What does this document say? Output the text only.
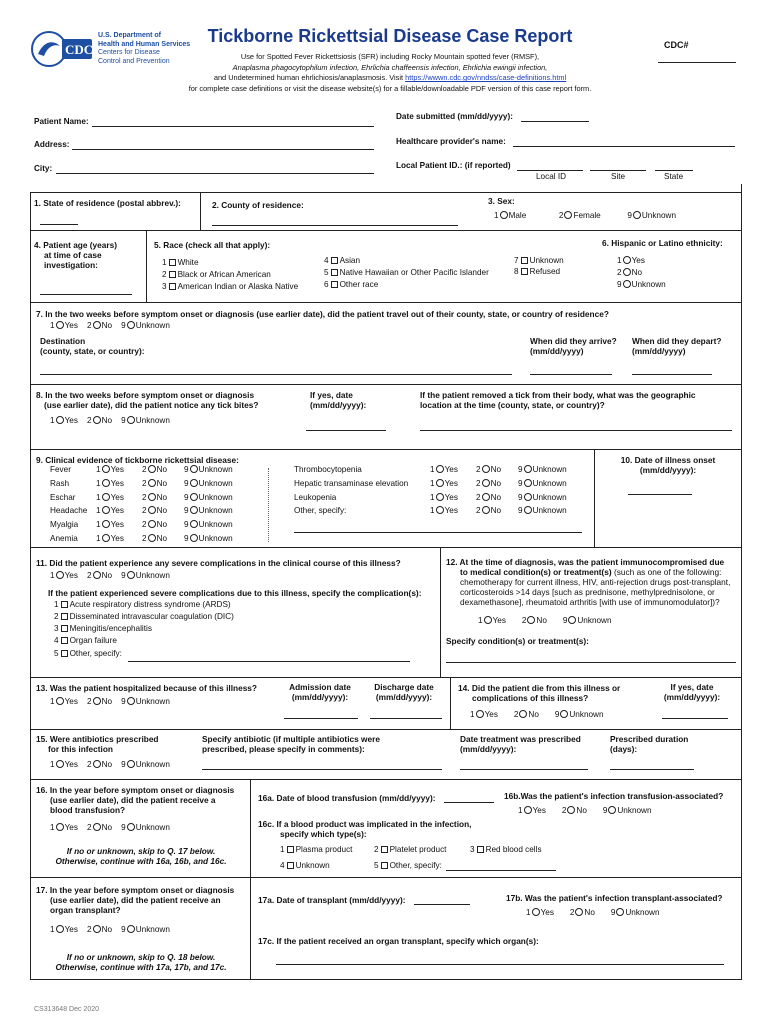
CDC
U.S. Department of
Health and Human Services
Centers for Disease
Control and Prevention
Tickborne Rickettsial Disease Case Report	CDC#
Use for Spotted Fever Rickettsiosis (SFR) including Rocky Mountain spotted fever (RMSF),
Anaplasma phagocytophilum infection, Ehrlichia chaffeensis infection, Ehrlichia ewingii infection,
and Undetermined human ehrlichiosis/anaplasmosis. Visit https://wwwn.cdc.gov/nndss/case-definitions.html
for complete case definitions or visit the disease website(s) for a fillable/downloadable PDF version of this case report form.
Patient Name:
Address:
City:
Date submitted (mm/dd/yyyy):
Healthcare provider's name:
Local Patient ID.: (if reported)
Local ID	Site	State
1. State of residence (postal abbrev.):	2. County of residence:	3. Sex:
1 Male	2 Female	9 Unknown
4. Patient age (years)
at time of case
investigation:
5. Race (check all that apply):
1 White
2 Black or African American
3 American Indian or Alaska Native
4 Asian
5 Native Hawaiian or Other Pacific Islander
6 Other race
7 Unknown
8 Refused
6. Hispanic or Latino ethnicity:
1 Yes
2 No
9 Unknown
7. In the two weeks before symptom onset or diagnosis (use earlier date), did the patient travel out of their county, state, or country of residence?
1 Yes 2 No 9 Unknown
Destination
(county, state, or country):
When did they arrive?
(mm/dd/yyyy)
When did they depart?
(mm/dd/yyyy)
8. In the two weeks before symptom onset or diagnosis
(use earlier date), did the patient notice any tick bites?
1 Yes 2 No 9 Unknown
If yes, date
(mm/dd/yyyy):
If the patient removed a tick from their body, what was the geographic
location at the time (county, state, or country)?
9. Clinical evidence of tickborne rickettsial disease:
Fever	1 Yes 2 No 9 Unknown
Rash	1 Yes 2 No 9 Unknown
Eschar	1 Yes 2 No 9 Unknown
Headache 1 Yes 2 No 9 Unknown
Myalgia 1 Yes 2 No 9 Unknown
Anemia 1 Yes 2 No 9 Unknown
Thrombocytopenia	1 Yes 2 No 9 Unknown
Hepatic transaminase elevation	1 Yes 2 No 9 Unknown
Leukopenia	1 Yes 2 No 9 Unknown
Other, specify:	1 Yes 2 No 9 Unknown
10. Date of illness onset
(mm/dd/yyyy):
11. Did the patient experience any severe complications in the clinical course of this illness?
1 Yes 2 No 9 Unknown
If the patient experienced severe complications due to this illness, specify the complication(s):
1 Acute respiratory distress syndrome (ARDS)
2 Disseminated intravascular coagulation (DIC)
3 Meningitis/encephalitis
4 Organ failure
5 Other, specify:
12. At the time of diagnosis, was the patient immunocompromised due
to medical condition(s) or treatment(s) (such as one of the following:
chemotherapy for current illness, HIV, anti-rejection drugs post-transplant,
corticosteroids >14 days [such as prednisone, methylprednisolone, or
dexamethasone], rheumatoid arthritis [with use of immunomodulator])?
1 Yes 2 No 9 Unknown
Specify condition(s) or treatment(s):
13. Was the patient hospitalized because of this illness?
1 Yes 2 No 9 Unknown
Admission date
(mm/dd/yyyy):
Discharge date
(mm/dd/yyyy):
14. Did the patient die from this illness or
complications of this illness?
1 Yes 2 No 9 Unknown
If yes, date
(mm/dd/yyyy):
15. Were antibiotics prescribed
for this infection
1 Yes 2 No 9 Unknown
Specify antibiotic (if multiple antibiotics were
prescribed, please specify in comments):
Date treatment was prescribed
(mm/dd/yyyy):
Prescribed duration
(days):
16. In the year before symptom onset or diagnosis
(use earlier date), did the patient receive a
blood transfusion?
1 Yes 2 No 9 Unknown
If no or unknown, skip to Q. 17 below.
Otherwise, continue with 16a, 16b, and 16c.
16a. Date of blood transfusion (mm/dd/yyyy):	16b.Was the patient's infection transfusion-associated?
1 Yes 2 No 9 Unknown
16c. If a blood product was implicated in the infection,
specify which type(s):
1 Plasma product	2 Platelet product	3 Red blood cells
4 Unknown	5 Other, specify:
17. In the year before symptom onset or diagnosis
(use earlier date), did the patient receive an
organ transplant?
1 Yes 2 No 9 Unknown
If no or unknown, skip to Q. 18 below.
Otherwise, continue with 17a, 17b, and 17c.
17a. Date of transplant (mm/dd/yyyy):	17b. Was the patient's infection transplant-associated?
1 Yes 2 No 9 Unknown
17c. If the patient received an organ transplant, specify which organ(s):
CS313648 Dec 2020
